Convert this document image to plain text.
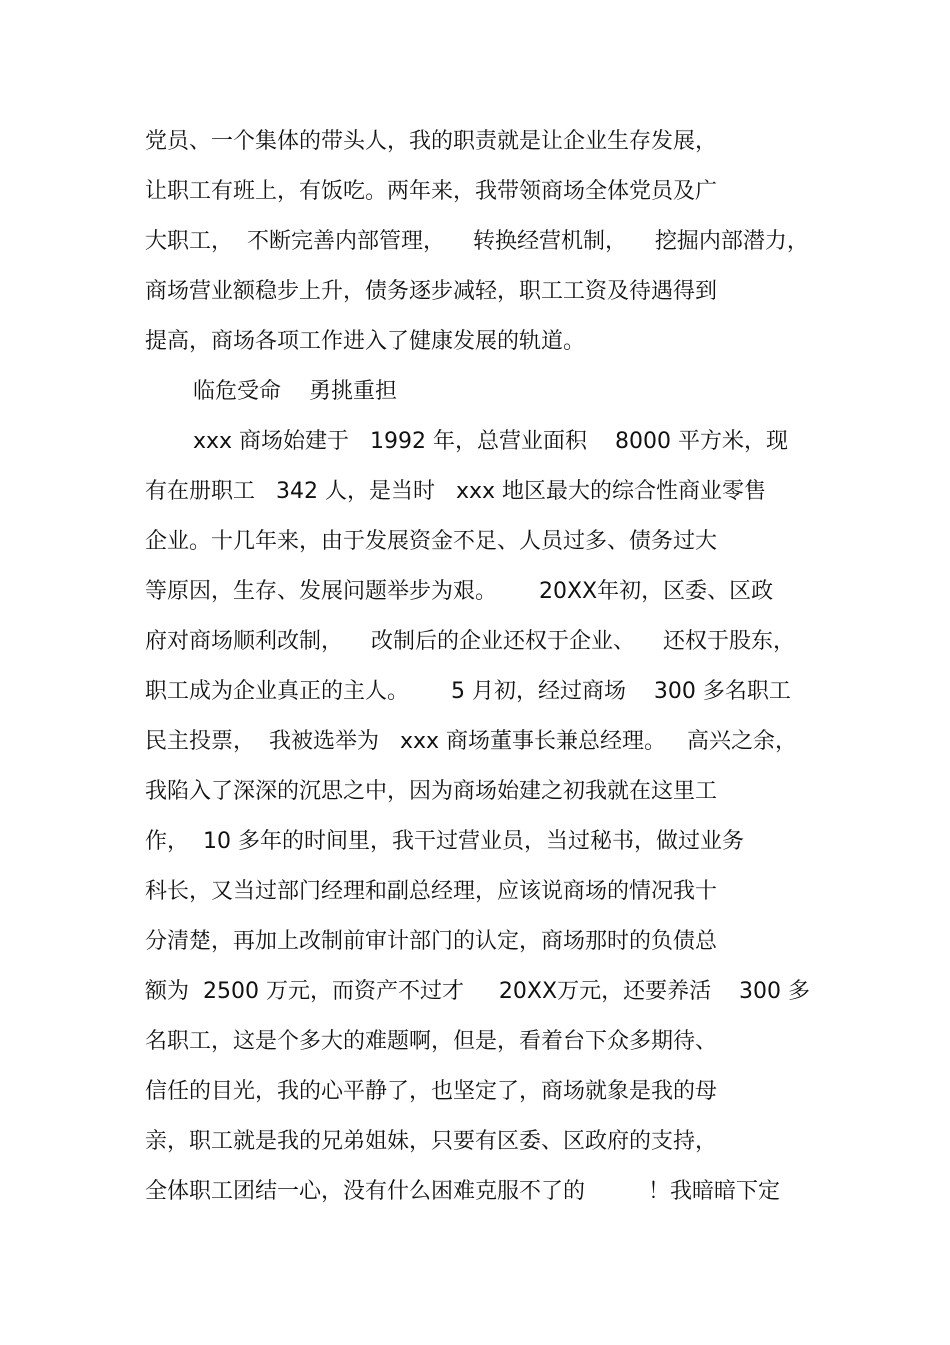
党员、一个集体的带头人，我的职责就是让企业生存发展，
让职工有班上，有饭吃。两年来，我带领商场全体党员及广
大职工，  不断完善内部管理，    转换经营机制，    挖掘内部潜力，
商场营业额稳步上升，债务逐步减轻，职工工资及待遇得到
提高，商场各项工作进入了健康发展的轨道。
临危受命    勇挑重担
xxx 商场始建于   1992 年，总营业面积    8000 平方米，现
有在册职工   342 人，是当时   xxx 地区最大的综合性商业零售
企业。十几年来，由于发展资金不足、人员过多、债务过大
等原因，生存、发展问题举步为艰。      20XX年初，区委、区政
府对商场顺利改制，    改制后的企业还权于企业、    还权于股东，
职工成为企业真正的主人。      5 月初，经过商场    300 多名职工
民主投票，  我被选举为   xxx 商场董事长兼总经理。   高兴之余，
我陷入了深深的沉思之中，因为商场始建之初我就在这里工
作，  10 多年的时间里，我干过营业员，当过秘书，做过业务
科长，又当过部门经理和副总经理，应该说商场的情况我十
分清楚，再加上改制前审计部门的认定，商场那时的负债总
额为  2500 万元，而资产不过才     20XX万元，还要养活    300 多
名职工，这是个多大的难题啊，但是，看着台下众多期待、
信任的目光，我的心平静了，也坚定了，商场就象是我的母
亲，职工就是我的兄弟姐妹，只要有区委、区政府的支持，
全体职工团结一心，没有什么困难克服不了的         ！我暗暗下定
